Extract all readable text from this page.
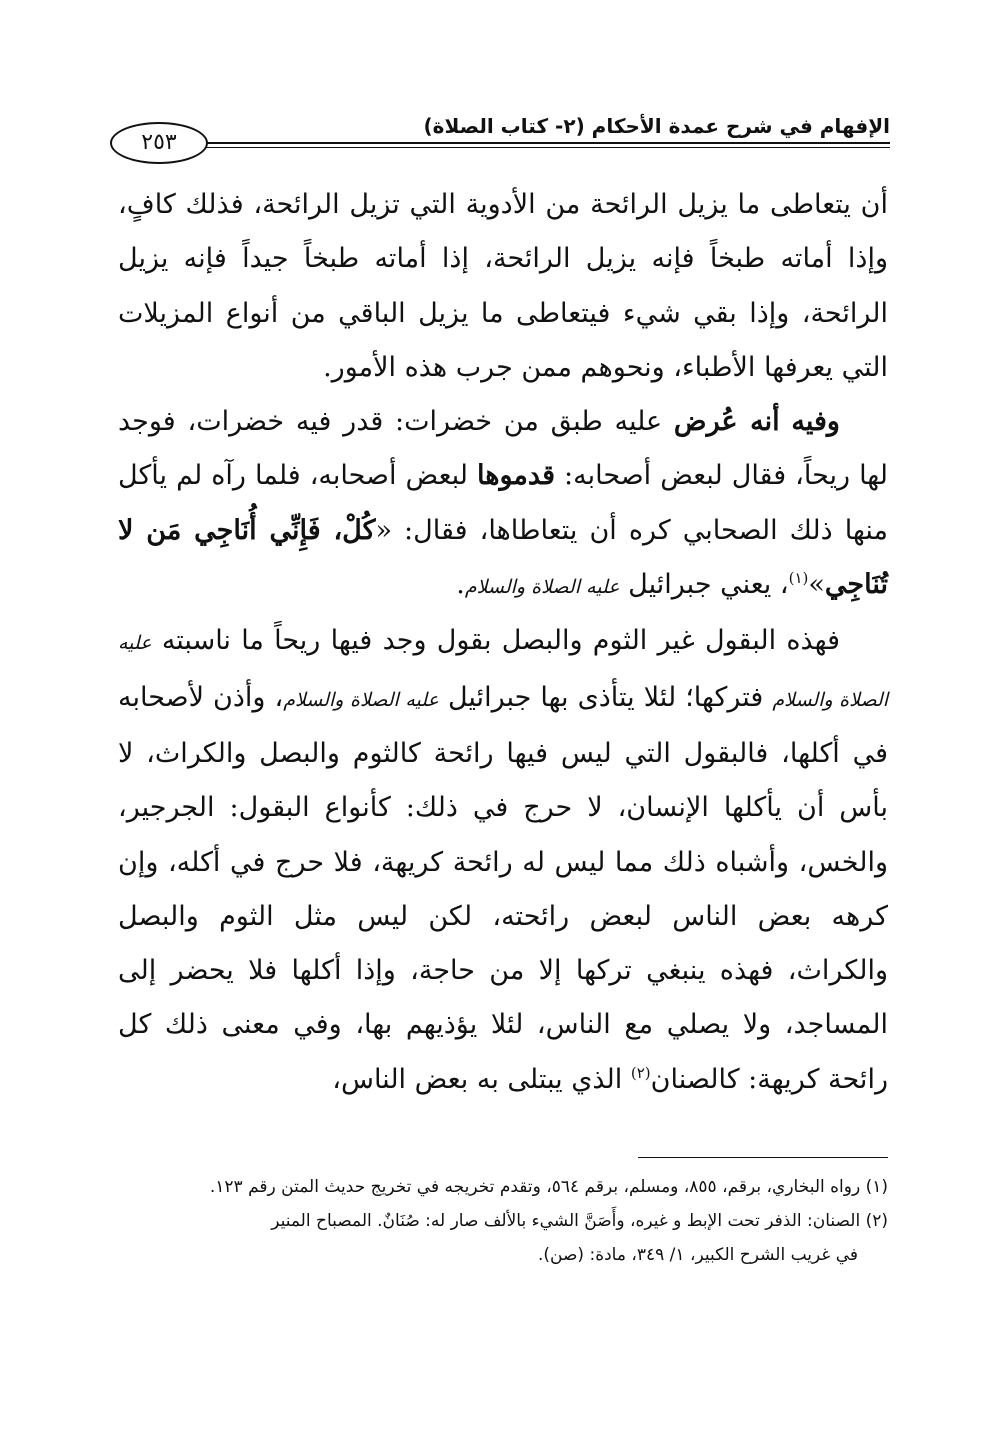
الإفهام في شرح عمدة الأحكام (٢- كتاب الصلاة)
٢٥٣

أن يتعاطى ما يزيل الرائحة من الأدوية التي تزيل الرائحة، فذلك كافٍ، وإذا أماته طبخاً فإنه يزيل الرائحة، إذا أماته طبخاً جيداً فإنه يزيل الرائحة، وإذا بقي شيء فيتعاطى ما يزيل الباقي من أنواع المزيلات التي يعرفها الأطباء، ونحوهم ممن جرب هذه الأمور.

وفيه أنه عُرض عليه طبق من خضرات: قدر فيه خضرات، فوجد لها ريحاً، فقال لبعض أصحابه: قدموها لبعض أصحابه، فلما رآه لم يأكل منها ذلك الصحابي كره أن يتعاطاها، فقال: «كُلْ، فَإِنِّي أُنَاجِي مَن لا تُنَاجِي»$^{(١)}$، يعني جبرائيل عليه الصلاة والسلام.

فهذه البقول غير الثوم والبصل بقول وجد فيها ريحاً ما ناسبته عليه الصلاة والسلام فتركها؛ لئلا يتأذى بها جبرائيل عليه الصلاة والسلام، وأذن لأصحابه في أكلها، فالبقول التي ليس فيها رائحة كالثوم والبصل والكراث، لا بأس أن يأكلها الإنسان، لا حرج في ذلك: كأنواع البقول: الجرجير، والخس، وأشباه ذلك مما ليس له رائحة كريهة، فلا حرج في أكله، وإن كرهه بعض الناس لبعض رائحته، لكن ليس مثل الثوم والبصل والكراث، فهذه ينبغي تركها إلا من حاجة، وإذا أكلها فلا يحضر إلى المساجد، ولا يصلي مع الناس، لئلا يؤذيهم بها، وفي معنى ذلك كل رائحة كريهة: كالصنان$^{(٢)}$ الذي يبتلى به بعض الناس،

(١) رواه البخاري، برقم، ٨٥٥، ومسلم، برقم ٥٦٤، وتقدم تخريجه في تخريج حديث المتن رقم ١٢٣.

(٢) الصنان: الذفر تحت الإبط و غيره، وأَصَنَّ الشيء بالألف صار له: صُنَانٌ. المصباح المنير

في غريب الشرح الكبير، ١/ ٣٤٩، مادة: (صن).
